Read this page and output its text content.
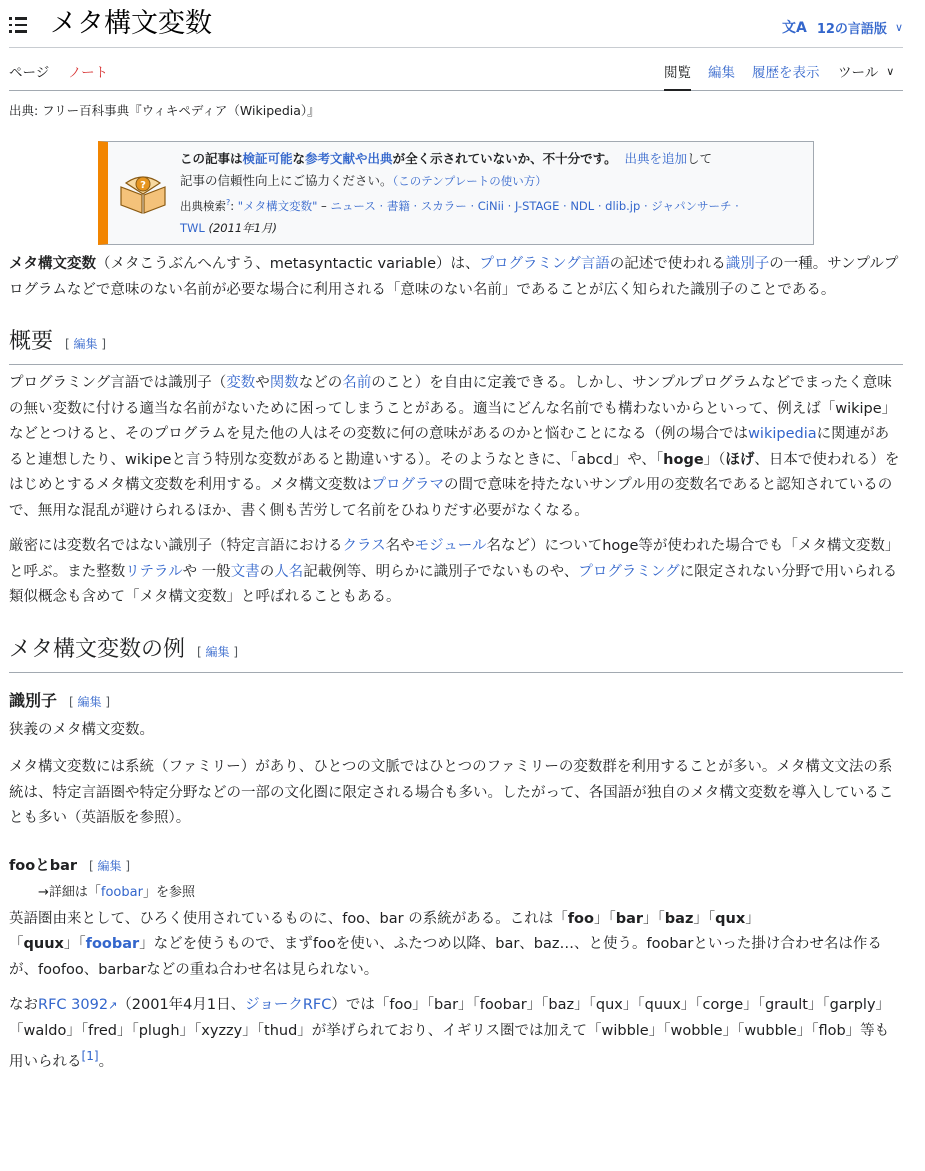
メタ構文変数	文A 12の言語版 ∨
ページ ノート	閲覧 編集 履歴を表示 ツール ∨
出典: フリー百科事典『ウィキペディア（Wikipedia）』
?
この記事は検証可能な参考文献や出典が全く示されていないか、不十分です。 出典を追加して
記事の信頼性向上にご協力ください。（このテンプレートの使い方）
出典検索?: "メタ構文変数" – ニュース · 書籍 · スカラー · CiNii · J-STAGE · NDL · dlib.jp · ジャパンサーチ ·
TWL (2011年1月)

メタ構文変数（メタこうぶんへんすう、metasyntactic variable）は、プログラミング言語の記述で使われる識別子の一種。サンプルプログラムなどで意味のない名前が必要な場合に利用される「意味のない名前」であることが広く知られた識別子のことである。

概要 [ 編集 ]

プログラミング言語では識別子（変数や関数などの名前のこと）を自由に定義できる。しかし、サンプルプログラムなどでまったく意味の無い変数に付ける適当な名前がないために困ってしまうことがある。適当にどんな名前でも構わないからといって、例えば「wikipe」などとつけると、そのプログラムを見た他の人はその変数に何の意味があるのかと悩むことになる（例の場合ではwikipediaに関連があると連想したり、wikipeと言う特別な変数があると勘違いする）。そのようなときに、「abcd」や、「hoge」（ほげ、日本で使われる）をはじめとするメタ構文変数を利用する。メタ構文変数はプログラマの間で意味を持たないサンプル用の変数名であると認知されているので、無用な混乱が避けられるほか、書く側も苦労して名前をひねりだす必要がなくなる。

厳密には変数名ではない識別子（特定言語におけるクラス名やモジュール名など）についてhoge等が使われた場合でも「メタ構文変数」と呼ぶ。また整数リテラルや 一般文書の人名記載例等、明らかに識別子でないものや、プログラミングに限定されない分野で用いられる類似概念も含めて「メタ構文変数」と呼ばれることもある。

メタ構文変数の例 [ 編集 ]
識別子 [ 編集 ]

狭義のメタ構文変数。

メタ構文変数には系統（ファミリー）があり、ひとつの文脈ではひとつのファミリーの変数群を利用することが多い。メタ構文文法の系統は、特定言語圏や特定分野などの一部の文化圏に限定される場合も多い。したがって、各国語が独自のメタ構文変数を導入していることも多い（英語版を参照）。

fooとbar [ 編集 ]
→詳細は「foobar」を参照

英語圏由来として、ひろく使用されているものに、foo、bar の系統がある。これは「foo」「bar」「baz」「qux」
「quux」「foobar」などを使うもので、まずfooを使い、ふたつめ以降、bar、baz…、と使う。foobarといった掛け合わせ名は作るが、foofoo、barbarなどの重ね合わせ名は見られない。

なおRFC 3092↗（2001年4月1日、ジョークRFC）では「foo」「bar」「foobar」「baz」「qux」「quux」「corge」「grault」「garply」「waldo」「fred」「plugh」「xyzzy」「thud」が挙げられており、イギリス圏では加えて「wibble」「wobble」「wubble」「flob」等も用いられる[1]。
